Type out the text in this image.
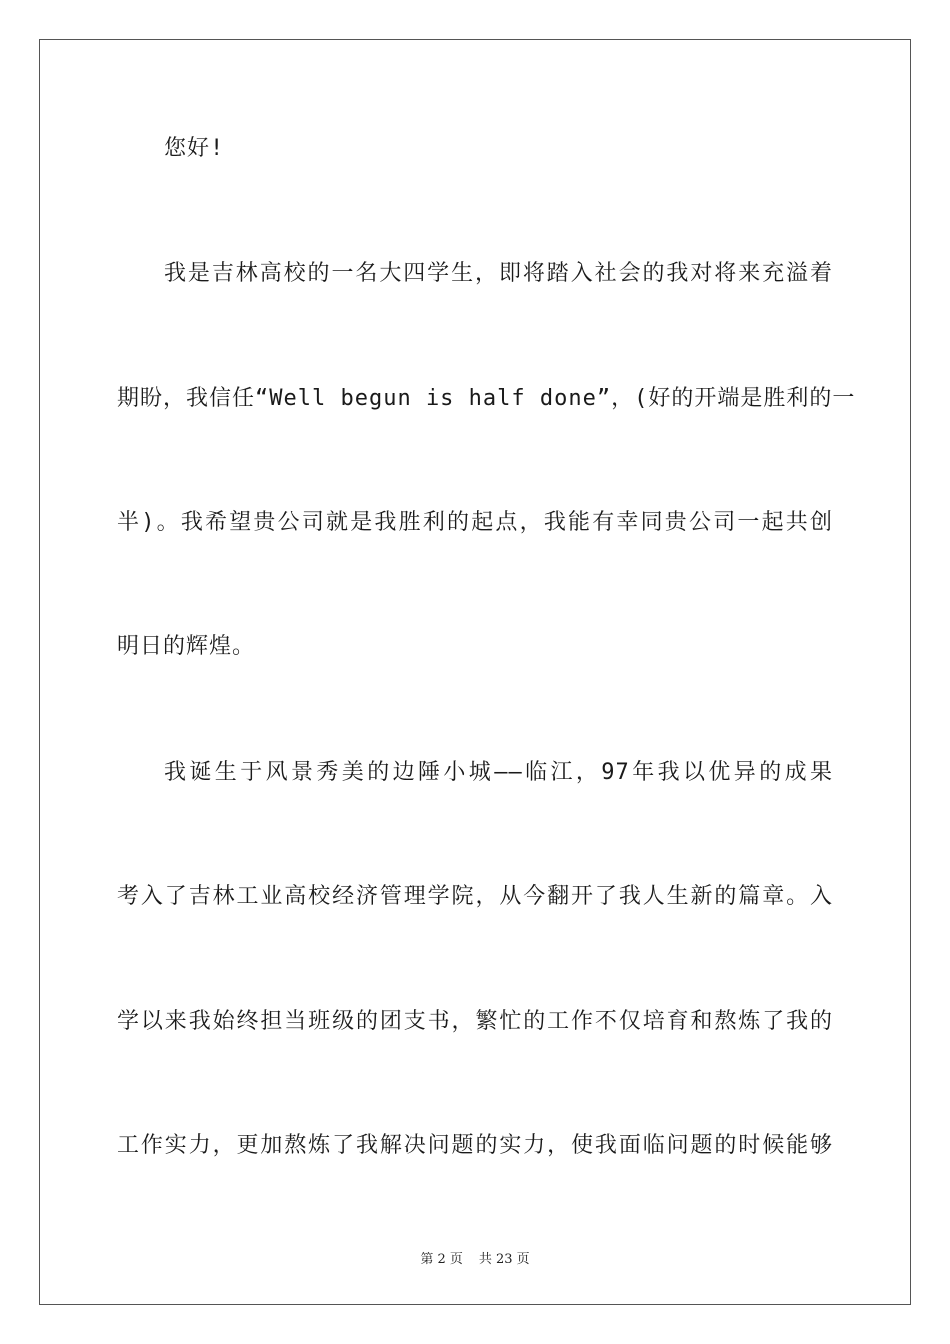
您好!
我是吉林高校的一名大四学生，即将踏入社会的我对将来充溢着
期盼，我信任“Well begun is half done”，(好的开端是胜利的一
半)。我希望贵公司就是我胜利的起点，我能有幸同贵公司一起共创
明日的辉煌。
我诞生于风景秀美的边陲小城——临江，97年我以优异的成果
考入了吉林工业高校经济管理学院，从今翻开了我人生新的篇章。入
学以来我始终担当班级的团支书，繁忙的工作不仅培育和熬炼了我的
工作实力，更加熬炼了我解决问题的实力，使我面临问题的时候能够
第 2 页 共 23 页
